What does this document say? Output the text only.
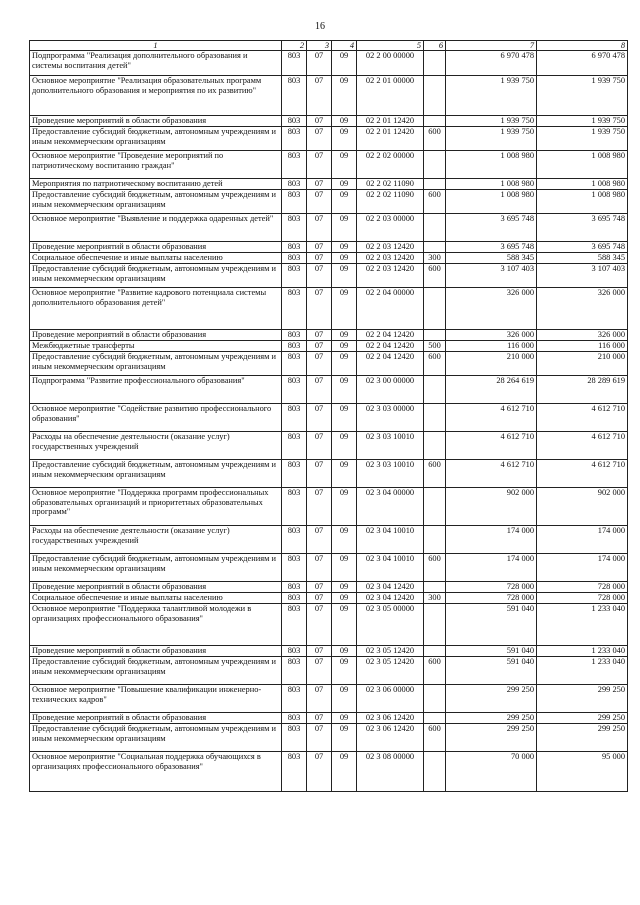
16
1	2	3	4	5	6	7	8
Подпрограмма "Реализация дополнительного образования и системы воспитания детей"	803	07	09	02 2 00 00000		6 970 478	6 970 478
Основное мероприятие "Реализация образовательных программ дополнительного образования и мероприятия по их развитию"	803	07	09	02 2 01 00000		1 939 750	1 939 750
Проведение мероприятий в области образования	803	07	09	02 2 01 12420		1 939 750	1 939 750
Предоставление субсидий бюджетным, автономным учреждениям и иным некоммерческим организациям	803	07	09	02 2 01 12420	600	1 939 750	1 939 750
Основное мероприятие "Проведение мероприятий по патриотическому воспитанию граждан"	803	07	09	02 2 02 00000		1 008 980	1 008 980
Мероприятия по патриотическому воспитанию детей	803	07	09	02 2 02 11090		1 008 980	1 008 980
Предоставление субсидий бюджетным, автономным учреждениям и иным некоммерческим организациям	803	07	09	02 2 02 11090	600	1 008 980	1 008 980
Основное мероприятие "Выявление и поддержка одаренных детей"	803	07	09	02 2 03 00000		3 695 748	3 695 748
Проведение мероприятий в области образования	803	07	09	02 2 03 12420		3 695 748	3 695 748
Социальное обеспечение и иные выплаты населению	803	07	09	02 2 03 12420	300	588 345	588 345
Предоставление субсидий бюджетным, автономным учреждениям и иным некоммерческим организациям	803	07	09	02 2 03 12420	600	3 107 403	3 107 403
Основное мероприятие "Развитие кадрового потенциала системы дополнительного образования детей"	803	07	09	02 2 04 00000		326 000	326 000
Проведение мероприятий в области образования	803	07	09	02 2 04 12420		326 000	326 000
Межбюджетные трансферты	803	07	09	02 2 04 12420	500	116 000	116 000
Предоставление субсидий бюджетным, автономным учреждениям и иным некоммерческим организациям	803	07	09	02 2 04 12420	600	210 000	210 000
Подпрограмма "Развитие профессионального образования"	803	07	09	02 3 00 00000		28 264 619	28 289 619
Основное мероприятие "Содействие развитию профессионального образования"	803	07	09	02 3 03 00000		4 612 710	4 612 710
Расходы на обеспечение деятельности (оказание услуг) государственных учреждений	803	07	09	02 3 03 10010		4 612 710	4 612 710
Предоставление субсидий бюджетным, автономным учреждениям и иным некоммерческим организациям	803	07	09	02 3 03 10010	600	4 612 710	4 612 710
Основное мероприятие "Поддержка программ профессиональных образовательных организаций и приоритетных образовательных программ"	803	07	09	02 3 04 00000		902 000	902 000
Расходы на обеспечение деятельности (оказание услуг) государственных учреждений	803	07	09	02 3 04 10010		174 000	174 000
Предоставление субсидий бюджетным, автономным учреждениям и иным некоммерческим организациям	803	07	09	02 3 04 10010	600	174 000	174 000
Проведение мероприятий в области образования	803	07	09	02 3 04 12420		728 000	728 000
Социальное обеспечение и иные выплаты населению	803	07	09	02 3 04 12420	300	728 000	728 000
Основное мероприятие "Поддержка талантливой молодежи в организациях профессионального образования"	803	07	09	02 3 05 00000		591 040	1 233 040
Проведение мероприятий в области образования	803	07	09	02 3 05 12420		591 040	1 233 040
Предоставление субсидий бюджетным, автономным учреждениям и иным некоммерческим организациям	803	07	09	02 3 05 12420	600	591 040	1 233 040
Основное мероприятие "Повышение квалификации инженерно-технических кадров"	803	07	09	02 3 06 00000		299 250	299 250
Проведение мероприятий в области образования	803	07	09	02 3 06 12420		299 250	299 250
Предоставление субсидий бюджетным, автономным учреждениям и иным некоммерческим организациям	803	07	09	02 3 06 12420	600	299 250	299 250
Основное мероприятие "Социальная поддержка обучающихся в организациях профессионального образования"	803	07	09	02 3 08 00000		70 000	95 000
